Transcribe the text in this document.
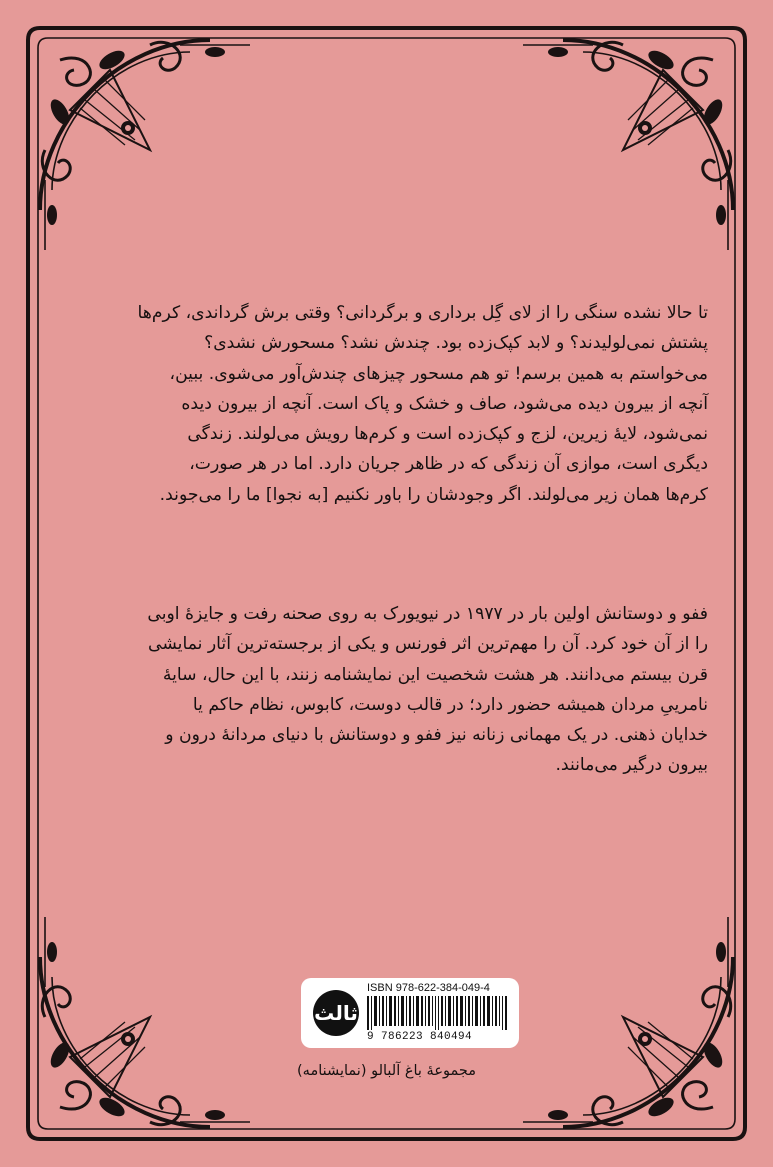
تا حالا نشده سنگی را از لای گِل برداری و برگردانی؟ وقتی برش گرداندی، کرم‌ها

پشتش نمی‌لولیدند؟ و لابد کپک‌زده بود. چندش نشد؟ مسحورش نشدی؟

می‌خواستم به همین برسم! تو هم مسحور چیزهای چندش‌آور می‌شوی. ببین،

آنچه از بیرون دیده می‌شود، صاف و خشک و پاک است. آنچه از بیرون دیده

نمی‌شود، لایهٔ زیرین، لزج و کپک‌زده است و کرم‌ها رویش می‌لولند. زندگی

دیگری است، موازی آن زندگی که در ظاهر جریان دارد. اما در هر صورت،

کرم‌ها همان زیر می‌لولند. اگر وجودشان را باور نکنیم [به نجوا] ما را می‌جوند.

ففو و دوستانش اولین بار در ۱۹۷۷ در نیویورک به روی صحنه رفت و جایزهٔ اوبی

را از آن خود کرد. آن را مهم‌ترین اثر فورنس و یکی از برجسته‌ترین آثار نمایشی

قرن بیستم می‌دانند. هر هشت شخصیت این نمایشنامه زنند، با این حال، سایهٔ

نامرییِ مردان همیشه حضور دارد؛ در قالب دوست، کابوس، نظام حاکم یا

خدایان ذهنی. در یک مهمانی زنانه نیز ففو و دوستانش با دنیای مردانهٔ درون و

بیرون درگیر می‌مانند.

ثالث
ISBN 978-622-384-049-4
9 786223 840494
مجموعهٔ باغ آلبالو (نمایشنامه)
